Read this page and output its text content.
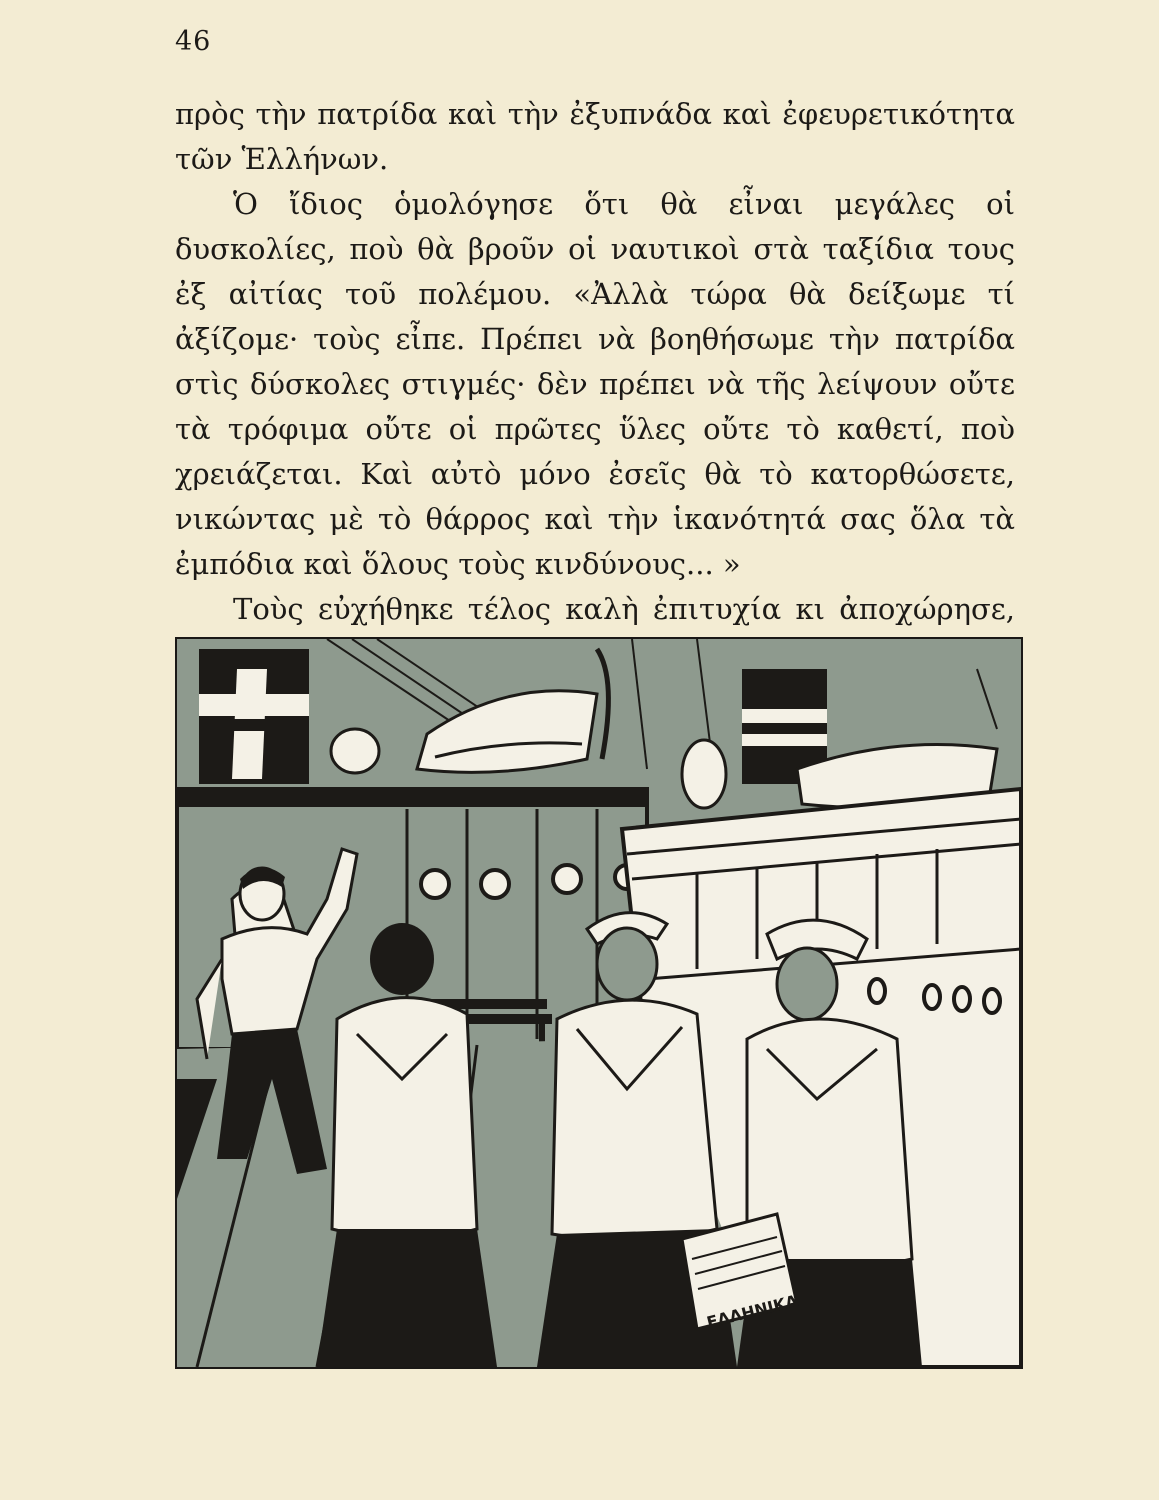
46

πρὸς τὴν πατρίδα καὶ τὴν ἐξυπνάδα καὶ ἐφευρετικότητα τῶν Ἑλλήνων.

Ὁ ἴδιος ὁμολόγησε ὅτι θὰ εἶναι μεγάλες οἱ δυσκολίες, ποὺ θὰ βροῦν οἱ ναυτικοὶ στὰ ταξίδια τους ἐξ αἰτίας τοῦ πολέμου. «Ἀλλὰ τώρα θὰ δείξωμε τί ἀξίζομε· τοὺς εἶπε. Πρέπει νὰ βοηθήσωμε τὴν πατρίδα στὶς δύσκολες στιγμές· δὲν πρέπει νὰ τῆς λείψουν οὔτε τὰ τρόφιμα οὔτε οἱ πρῶτες ὕλες οὔτε τὸ καθετί, ποὺ χρειάζεται. Καὶ αὐτὸ μόνο ἐσεῖς θὰ τὸ κατορθώσετε, νικώντας μὲ τὸ θάρρος καὶ τὴν ἱκανότητά σας ὅλα τὰ ἐμπόδια καὶ ὅλους τοὺς κινδύνους... »

Τοὺς εὐχήθηκε τέλος καλὴ ἐπιτυχία κι ἀποχώρησε,

ΕΛΛΗΝΙΚΑ
